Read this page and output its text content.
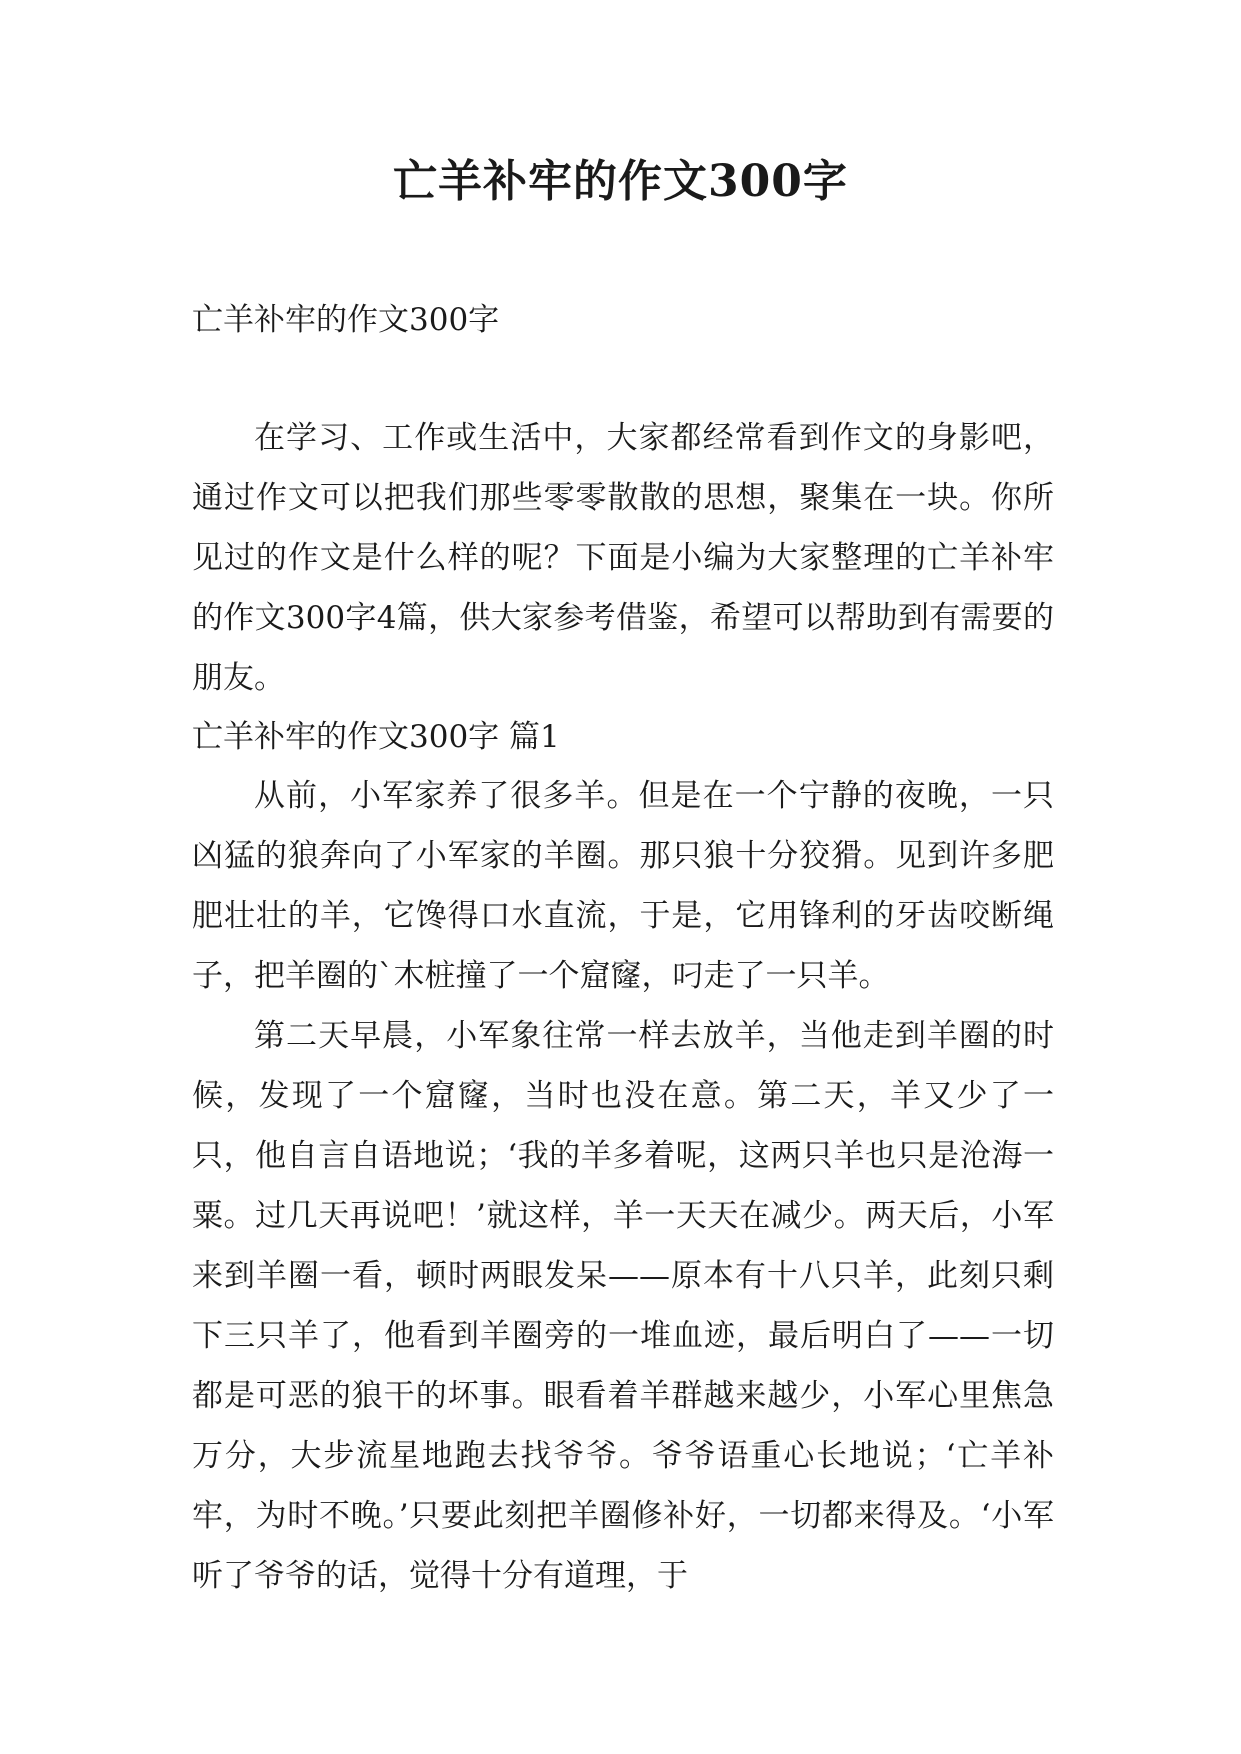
亡羊补牢的作文300字
亡羊补牢的作文300字

在学习、工作或生活中，大家都经常看到作文的身影吧，通过作文可以把我们那些零零散散的思想，聚集在一块。你所见过的作文是什么样的呢？下面是小编为大家整理的亡羊补牢的作文300字4篇，供大家参考借鉴，希望可以帮助到有需要的朋友。

亡羊补牢的作文300字 篇1

从前，小军家养了很多羊。但是在一个宁静的夜晚，一只凶猛的狼奔向了小军家的羊圈。那只狼十分狡猾。见到许多肥肥壮壮的羊，它馋得口水直流，于是，它用锋利的牙齿咬断绳子，把羊圈的`木桩撞了一个窟窿，叼走了一只羊。

第二天早晨，小军象往常一样去放羊，当他走到羊圈的时候，发现了一个窟窿，当时也没在意。第二天，羊又少了一只，他自言自语地说；‘我的羊多着呢，这两只羊也只是沧海一粟。过几天再说吧！’就这样，羊一天天在减少。两天后，小军来到羊圈一看，顿时两眼发呆——原本有十八只羊，此刻只剩下三只羊了，他看到羊圈旁的一堆血迹，最后明白了——一切都是可恶的狼干的坏事。眼看着羊群越来越少，小军心里焦急万分，大步流星地跑去找爷爷。爷爷语重心长地说；‘亡羊补牢，为时不晚。’只要此刻把羊圈修补好，一切都来得及。‘小军听了爷爷的话，觉得十分有道理，于
